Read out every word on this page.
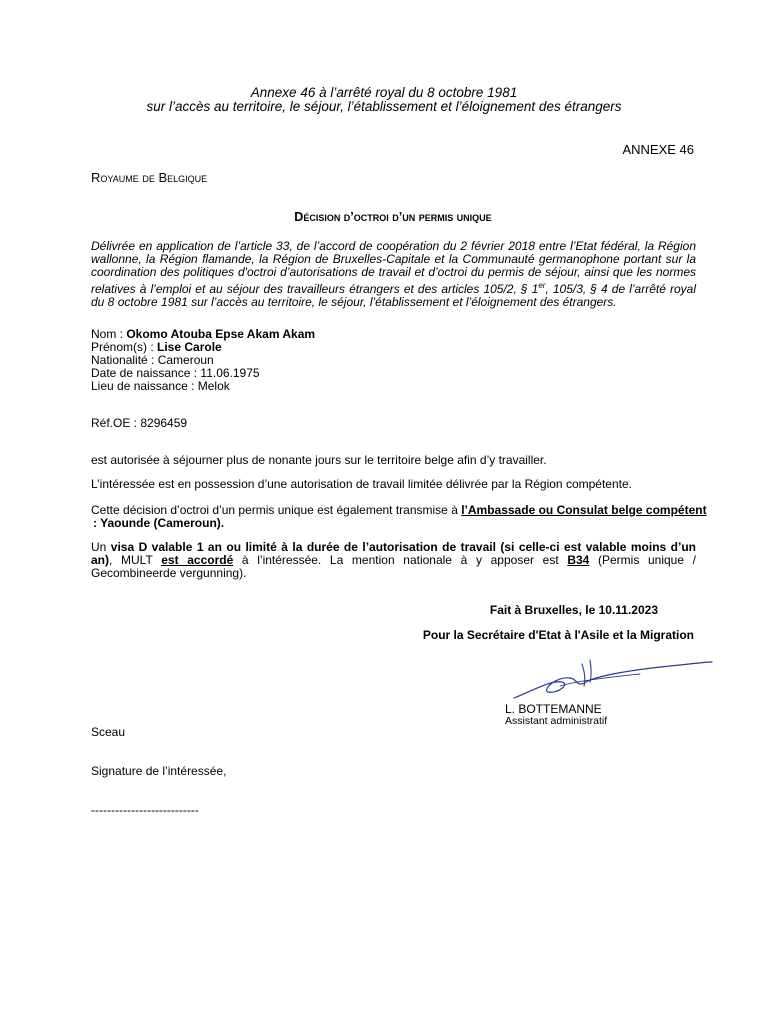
Annexe 46 à l’arrêté royal du 8 octobre 1981
sur l’accès au territoire, le séjour, l’établissement et l’éloignement des étrangers
ANNEXE 46
Royaume de Belgique
Décision d’octroi d’un permis unique
Délivrée en application de l’article 33, de l’accord de coopération du 2 février 2018 entre l’Etat fédéral, la Région wallonne, la Région flamande, la Région de Bruxelles-Capitale et la Communauté germanophone portant sur la coordination des politiques d'octroi d’autorisations de travail et d’octroi du permis de séjour, ainsi que les normes relatives à l’emploi et au séjour des travailleurs étrangers et des articles 105/2, § 1er, 105/3, § 4 de l’arrêté royal du 8 octobre 1981 sur l’accès au territoire, le séjour, l’établissement et l’éloignement des étrangers.
Nom : Okomo Atouba Epse Akam Akam
Prénom(s) : Lise Carole
Nationalité : Cameroun
Date de naissance : 11.06.1975
Lieu de naissance : Melok
Réf.OE : 8296459
est autorisée à séjourner plus de nonante jours sur le territoire belge afin d’y travailler.
L’intéressée est en possession d’une autorisation de travail limitée délivrée par la Région compétente.
Cette décision d’octroi d’un permis unique est également transmise à l’Ambassade ou Consulat belge compétent
: Yaounde (Cameroun).
Un visa D valable 1 an ou limité à la durée de l’autorisation de travail (si celle-ci est valable moins d’un an), MULT est accordé à l’intéressée. La mention nationale à y apposer est B34 (Permis unique / Gecombineerde vergunning).
Fait à Bruxelles, le 10.11.2023
Pour la Secrétaire d'Etat à l'Asile et la Migration
L. BOTTEMANNE
Assistant administratif
Sceau
Signature de l’intéressée,
---------------------------
